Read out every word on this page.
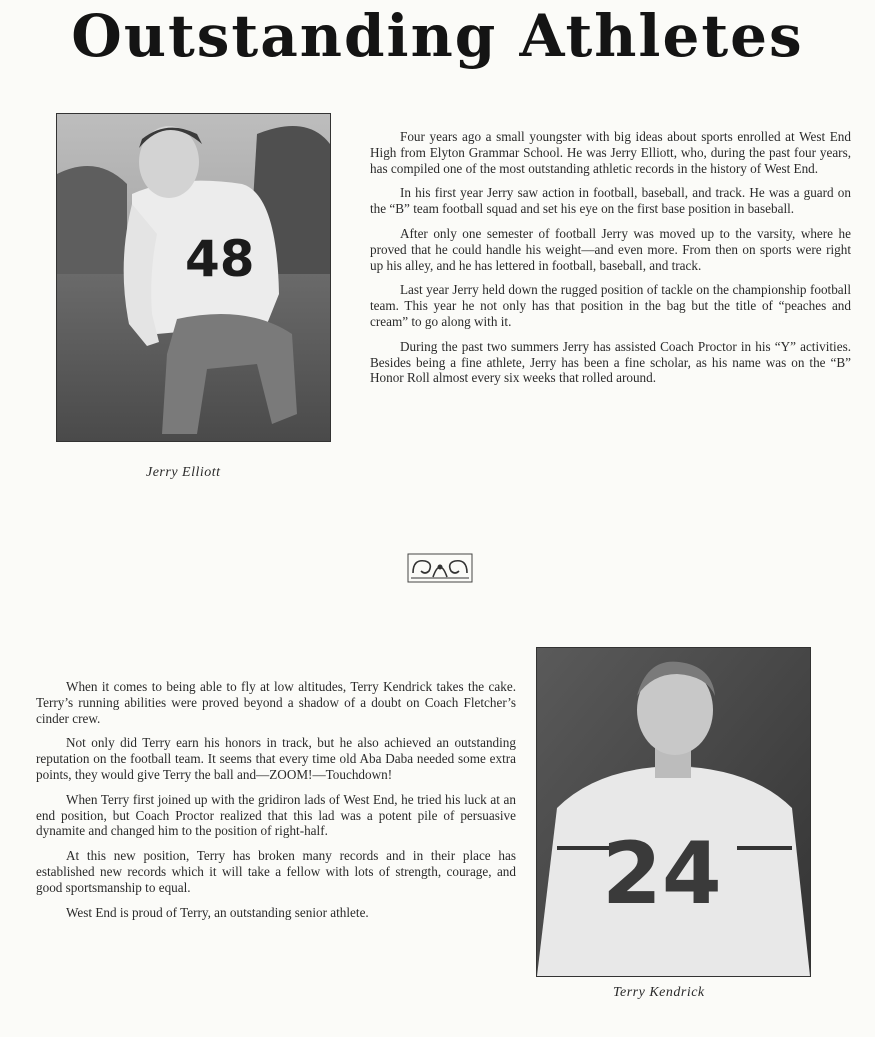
Outstanding Athletes
48
Jerry Elliott

Four years ago a small youngster with big ideas about sports enrolled at West End High from Elyton Grammar School. He was Jerry Elliott, who, during the past four years, has compiled one of the most outstanding athletic records in the history of West End.

In his first year Jerry saw action in football, baseball, and track. He was a guard on the “B” team football squad and set his eye on the first base position in baseball.

After only one semester of football Jerry was moved up to the varsity, where he proved that he could handle his weight—and even more. From then on sports were right up his alley, and he has lettered in football, baseball, and track.

Last year Jerry held down the rugged position of tackle on the championship football team. This year he not only has that position in the bag but the title of “peaches and cream” to go along with it.

During the past two summers Jerry has assisted Coach Proctor in his “Y” activities. Besides being a fine athlete, Jerry has been a fine scholar, as his name was on the “B” Honor Roll almost every six weeks that rolled around.

When it comes to being able to fly at low altitudes, Terry Kendrick takes the cake. Terry’s running abilities were proved beyond a shadow of a doubt on Coach Fletcher’s cinder crew.

Not only did Terry earn his honors in track, but he also achieved an outstanding reputation on the football team. It seems that every time old Aba Daba needed some extra points, they would give Terry the ball and—ZOOM!—Touchdown!

When Terry first joined up with the gridiron lads of West End, he tried his luck at an end position, but Coach Proctor realized that this lad was a potent pile of persuasive dynamite and changed him to the position of right-half.

At this new position, Terry has broken many records and in their place has established new records which it will take a fellow with lots of strength, courage, and good sportsmanship to equal.

West End is proud of Terry, an outstanding senior athlete.	24
Terry Kendrick
